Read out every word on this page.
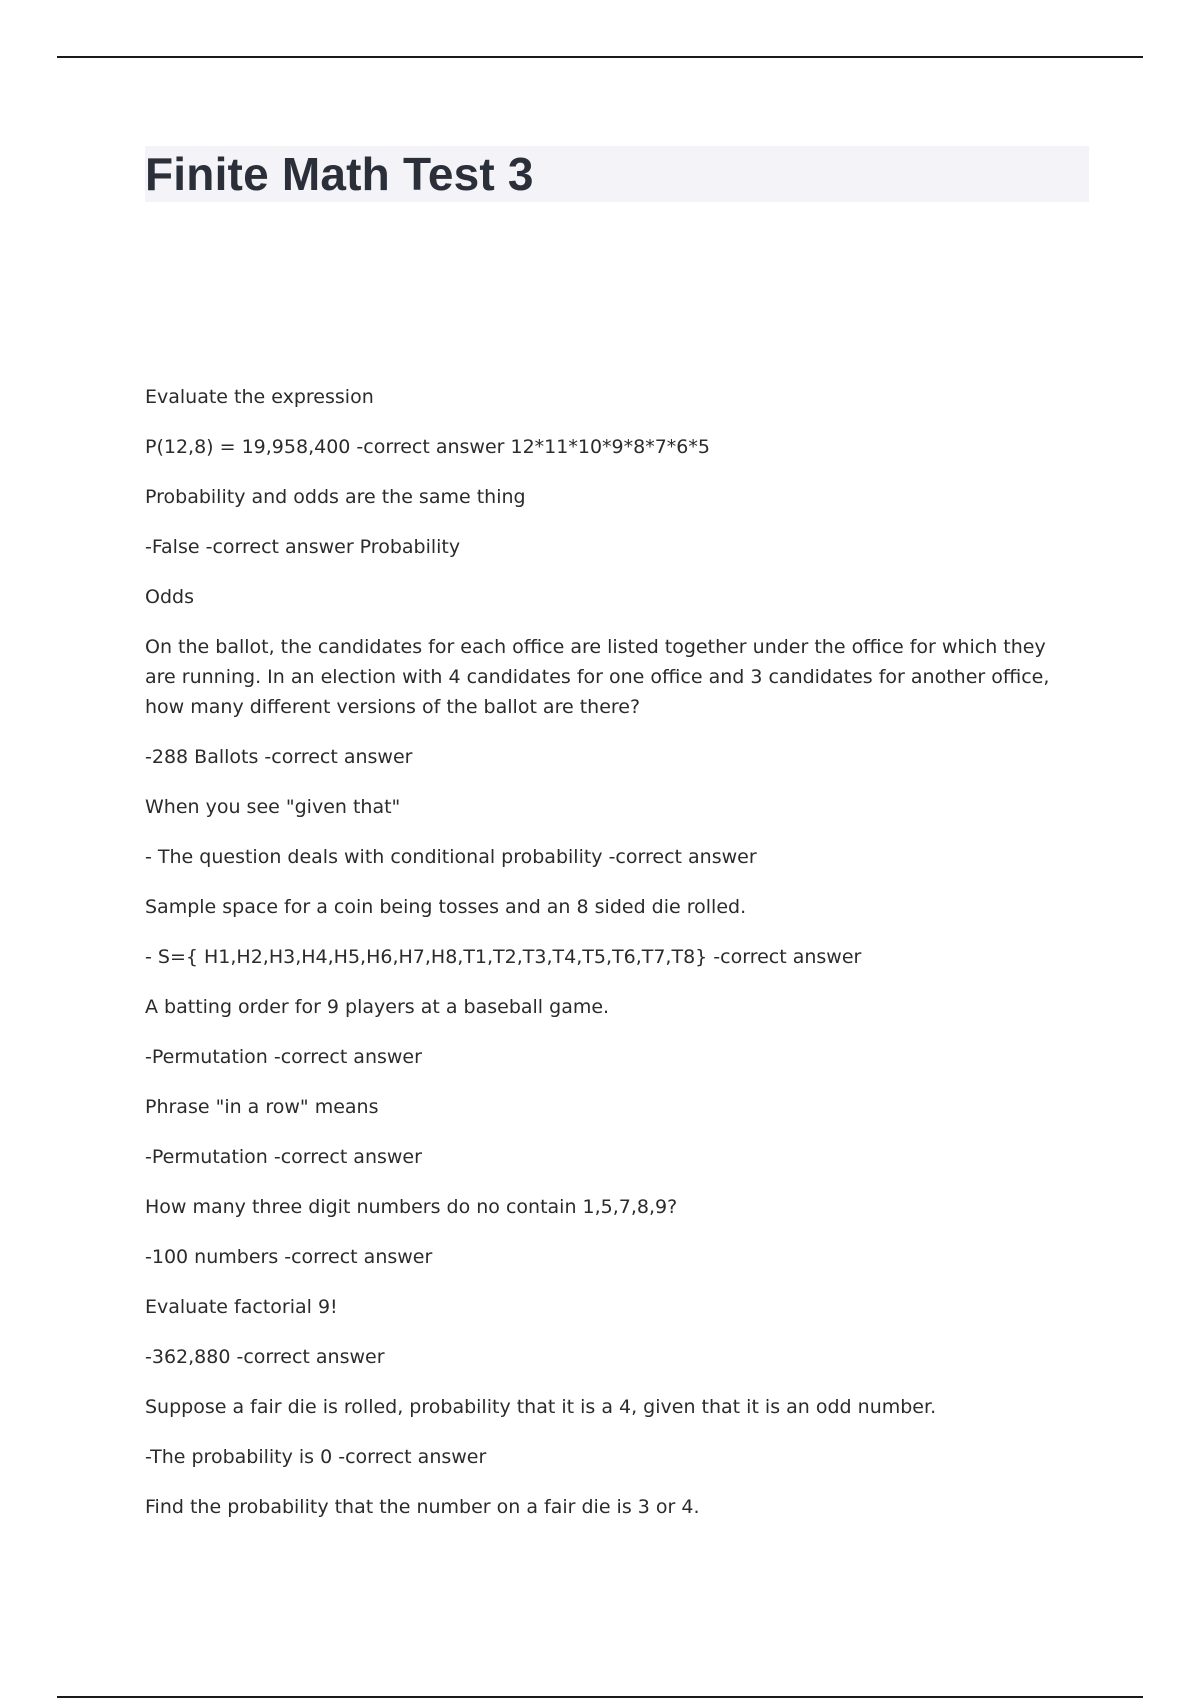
Finite Math Test 3

Evaluate the expression

P(12,8) = 19,958,400 -correct answer 12*11*10*9*8*7*6*5

Probability and odds are the same thing

-False -correct answer Probability

Odds

On the ballot, the candidates for each office are listed together under the office for which they are running. In an election with 4 candidates for one office and 3 candidates for another office, how many different versions of the ballot are there?

-288 Ballots -correct answer

When you see "given that"

- The question deals with conditional probability -correct answer

Sample space for a coin being tosses and an 8 sided die rolled.

- S={ H1,H2,H3,H4,H5,H6,H7,H8,T1,T2,T3,T4,T5,T6,T7,T8} -correct answer

A batting order for 9 players at a baseball game.

-Permutation -correct answer

Phrase "in a row" means

-Permutation -correct answer

How many three digit numbers do no contain 1,5,7,8,9?

-100 numbers -correct answer

Evaluate factorial 9!

-362,880 -correct answer

Suppose a fair die is rolled, probability that it is a 4, given that it is an odd number.

-The probability is 0 -correct answer

Find the probability that the number on a fair die is 3 or 4.
